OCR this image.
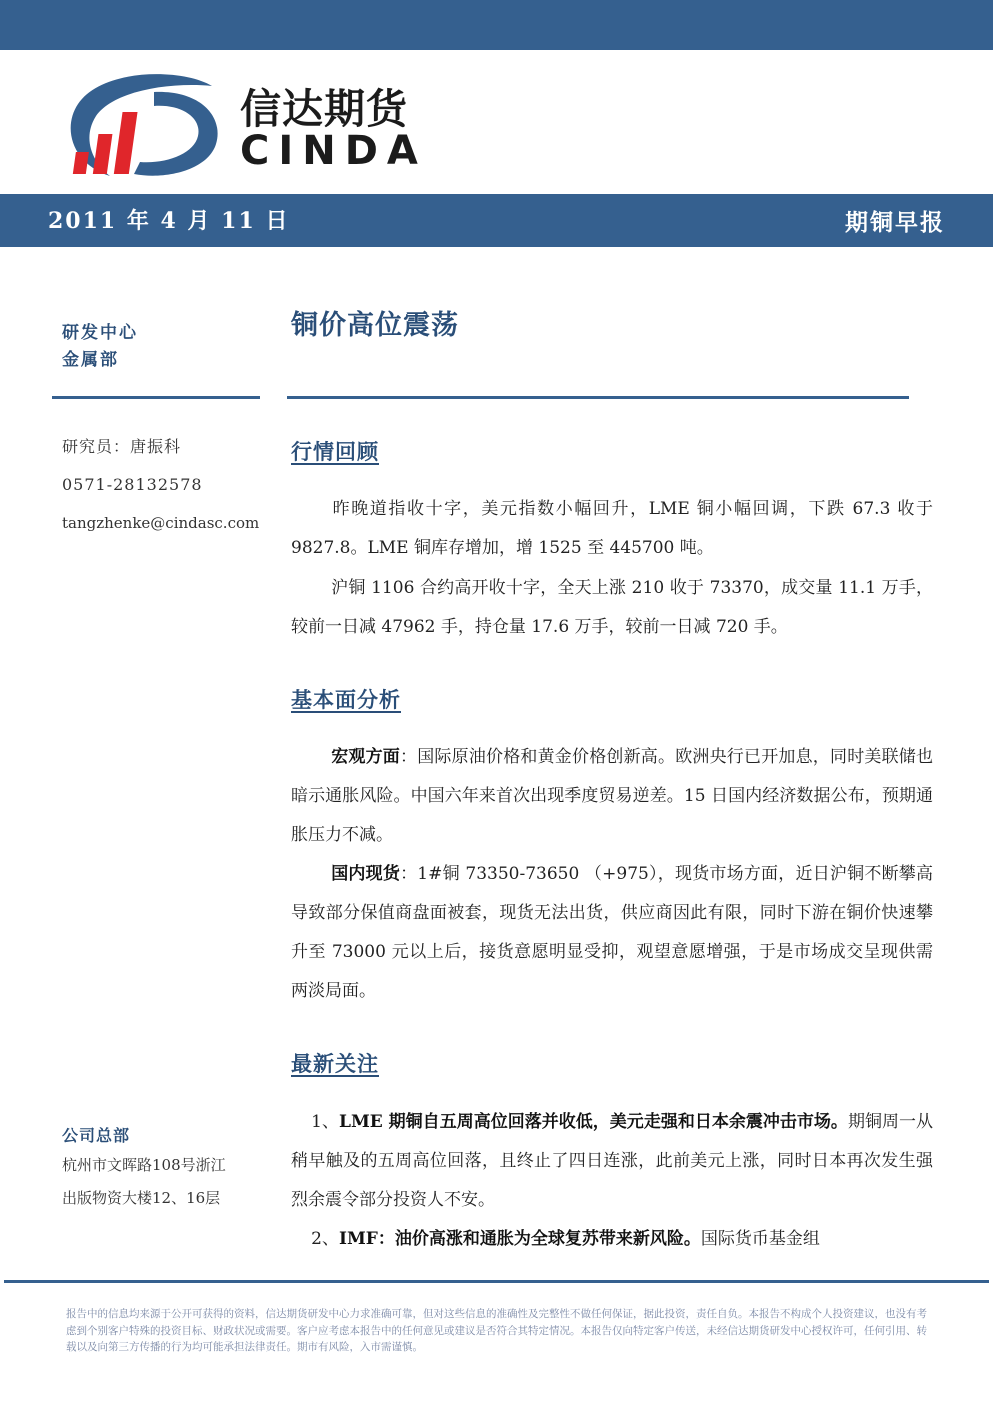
信达期货
CINDA
2011 年 4 月 11 日	期铜早报
研发中心
金属部
铜价高位震荡
研究员：唐振科
0571-28132578
tangzhenke@cindasc.com
行情回顾
昨晚道指收十字，美元指数小幅回升，LME 铜小幅回调，下跌 67.3 收于 9827.8。LME 铜库存增加，增 1525 至 445700 吨。
沪铜 1106 合约高开收十字，全天上涨 210 收于 73370，成交量 11.1 万手，较前一日减 47962 手，持仓量 17.6 万手，较前一日减 720 手。
基本面分析
宏观方面：国际原油价格和黄金价格创新高。欧洲央行已开加息，同时美联储也暗示通胀风险。中国六年来首次出现季度贸易逆差。15 日国内经济数据公布，预期通胀压力不减。
国内现货：1#铜 73350-73650 （+975），现货市场方面，近日沪铜不断攀高导致部分保值商盘面被套，现货无法出货，供应商因此有限，同时下游在铜价快速攀升至 73000 元以上后，接货意愿明显受抑，观望意愿增强，于是市场成交呈现供需两淡局面。
最新关注
1、LME 期铜自五周高位回落并收低，美元走强和日本余震冲击市场。期铜周一从稍早触及的五周高位回落，且终止了四日连涨，此前美元上涨，同时日本再次发生强烈余震令部分投资人不安。
2、IMF：油价高涨和通胀为全球复苏带来新风险。国际货币基金组
公司总部
杭州市文晖路108号浙江
出版物资大楼12、16层
报告中的信息均来源于公开可获得的资料，信达期货研发中心力求准确可靠，但对这些信息的准确性及完整性不做任何保证，据此投资，责任自负。本报告不构成个人投资建议，也没有考虑到个别客户特殊的投资目标、财政状况或需要。客户应考虑本报告中的任何意见或建议是否符合其特定情况。本报告仅向特定客户传送，未经信达期货研发中心授权许可，任何引用、转载以及向第三方传播的行为均可能承担法律责任。期市有风险，入市需谨慎。
